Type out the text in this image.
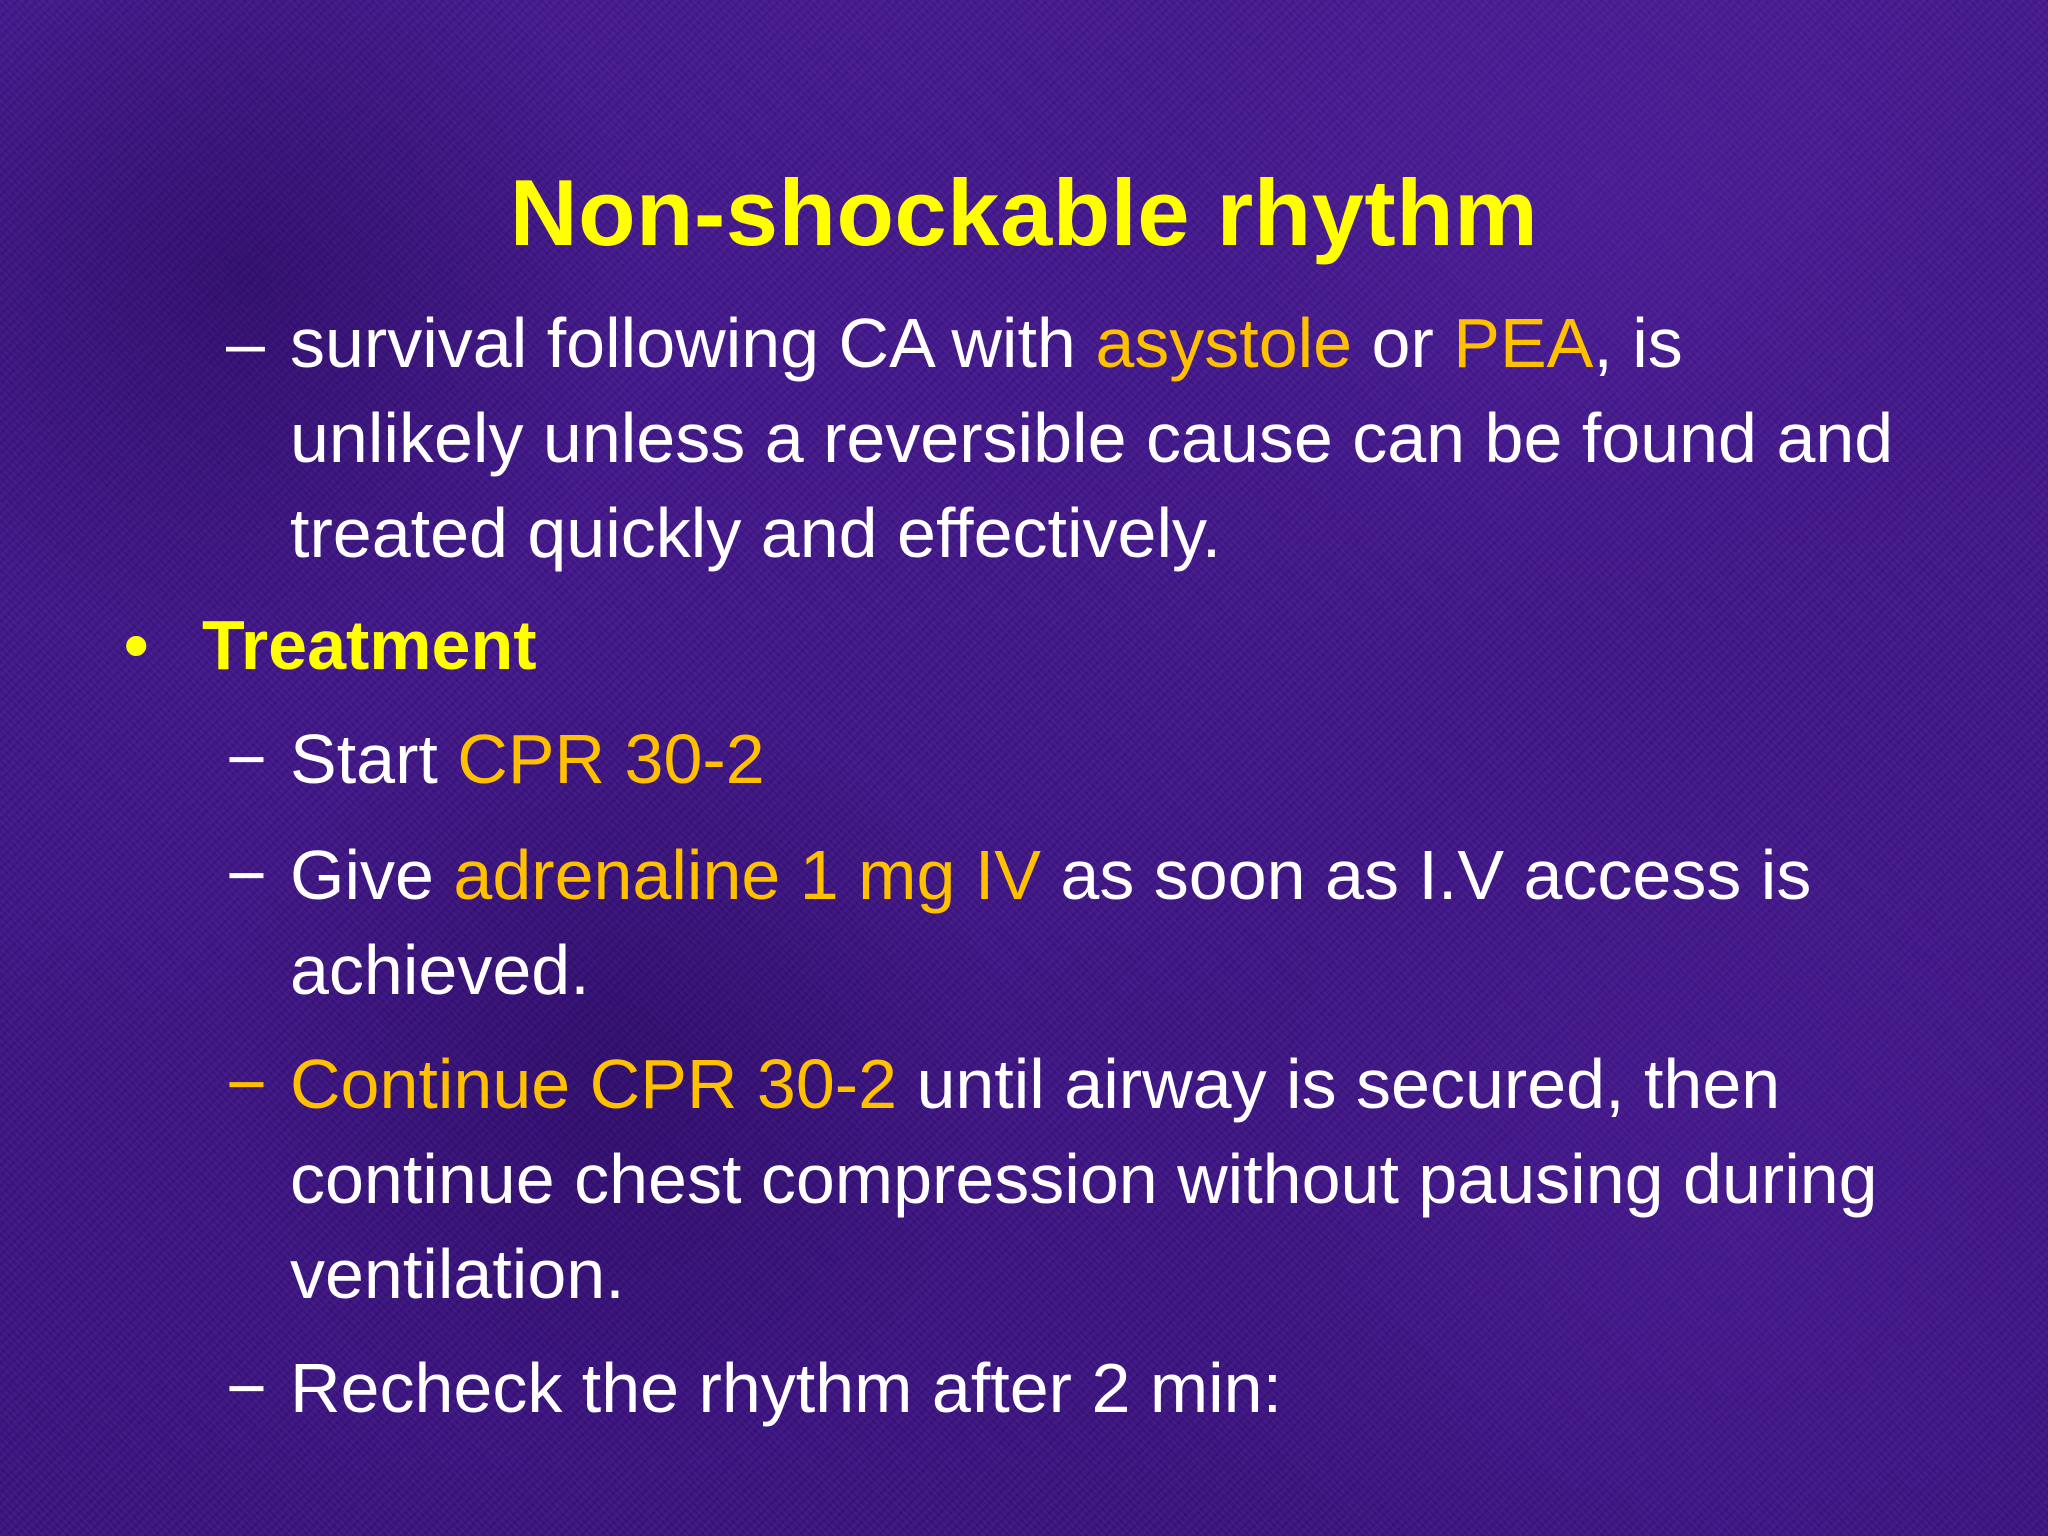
Non-shockable rhythm
– survival following CA with asystole or PEA, is unlikely unless a reversible cause can be found and treated quickly and effectively.
• Treatment
− Start CPR 30-2
− Give adrenaline 1 mg IV as soon as I.V access is achieved.
− Continue CPR 30-2 until airway is secured, then continue chest compression without pausing during ventilation.
− Recheck the rhythm after 2 min:
